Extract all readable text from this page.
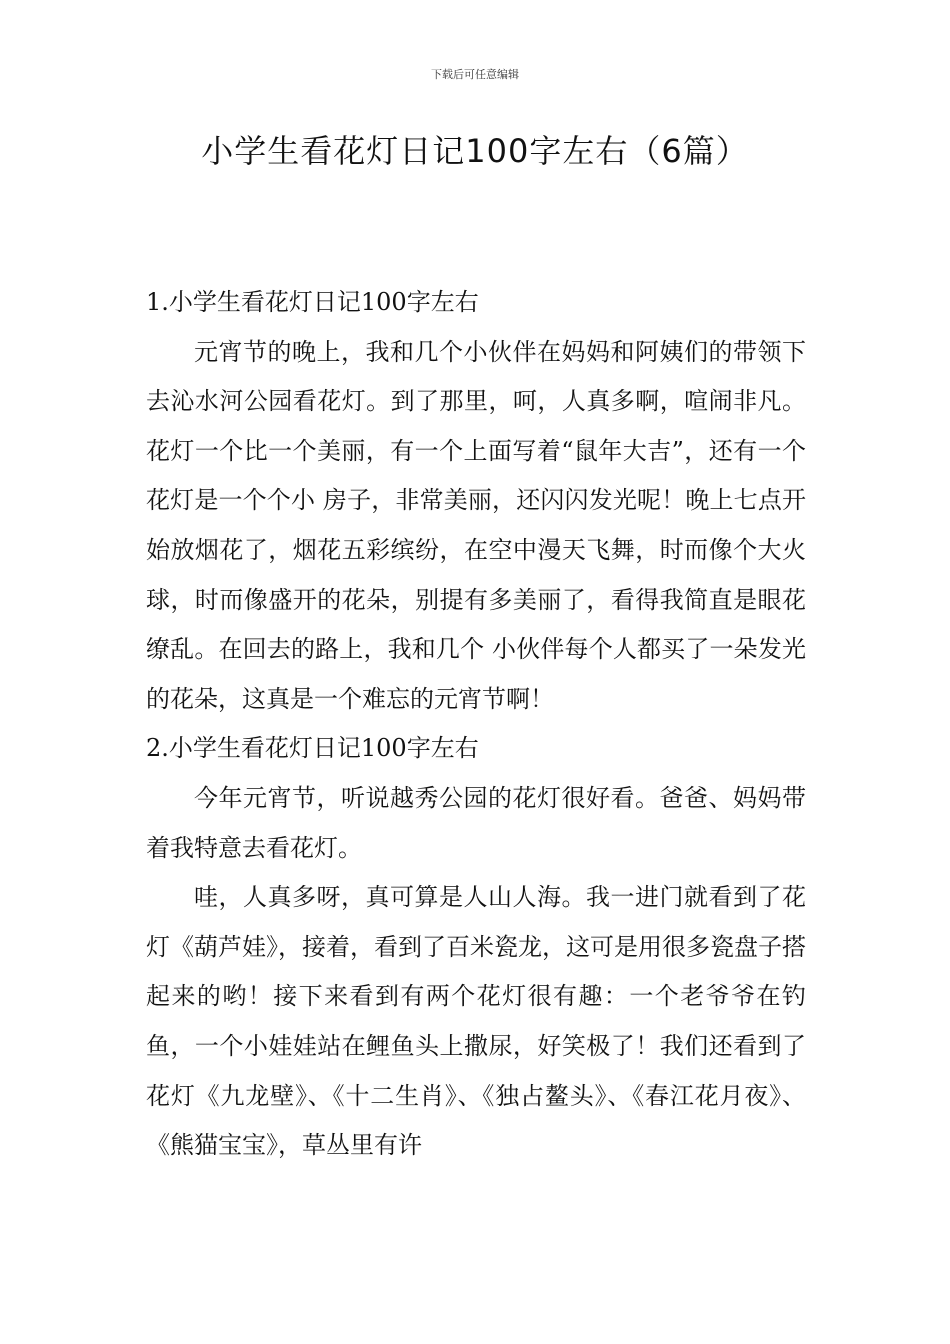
下载后可任意编辑
小学生看花灯日记100字左右（6篇）

1.小学生看花灯日记100字左右

元宵节的晚上，我和几个小伙伴在妈妈和阿姨们的带领下去沁水河公园看花灯。到了那里，呵，人真多啊，喧闹非凡。花灯一个比一个美丽，有一个上面写着“鼠年大吉”，还有一个花灯是一个个小 房子，非常美丽，还闪闪发光呢！晚上七点开始放烟花了，烟花五彩缤纷，在空中漫天飞舞，时而像个大火球，时而像盛开的花朵，别提有多美丽了，看得我简直是眼花缭乱。在回去的路上，我和几个 小伙伴每个人都买了一朵发光的花朵，这真是一个难忘的元宵节啊！

2.小学生看花灯日记100字左右

今年元宵节，听说越秀公园的花灯很好看。爸爸、妈妈带着我特意去看花灯。

哇，人真多呀，真可算是人山人海。我一进门就看到了花灯《葫芦娃》，接着，看到了百米瓷龙，这可是用很多瓷盘子搭起来的哟！接下来看到有两个花灯很有趣：一个老爷爷在钓鱼，一个小娃娃站在鲤鱼头上撒尿，好笑极了！我们还看到了花灯《九龙壁》、《十二生肖》、《独占鳌头》、《春江花月夜》、《熊猫宝宝》，草丛里有许
